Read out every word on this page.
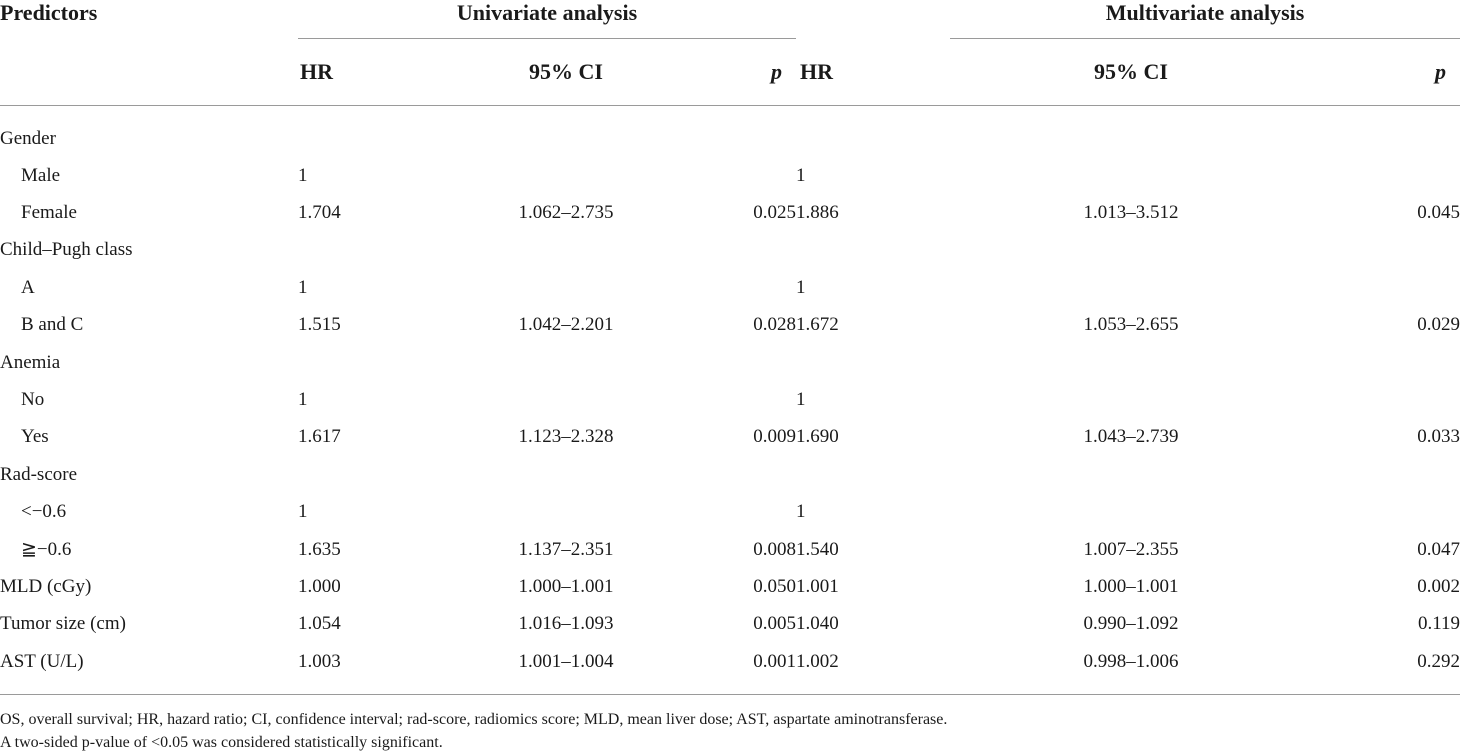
Predictors	Univariate analysis				Multivariate analysis	
	HR	95% CI	p	HR	95% CI	p
Gender						
Male	1			1		
Female	1.704	1.062–2.735	0.025	1.886	1.013–3.512	0.045
Child–Pugh class						
A	1			1		
B and C	1.515	1.042–2.201	0.028	1.672	1.053–2.655	0.029
Anemia						
No	1			1		
Yes	1.617	1.123–2.328	0.009	1.690	1.043–2.739	0.033
Rad-score						
<−0.6	1			1		
≧−0.6	1.635	1.137–2.351	0.008	1.540	1.007–2.355	0.047
MLD (cGy)	1.000	1.000–1.001	0.050	1.001	1.000–1.001	0.002
Tumor size (cm)	1.054	1.016–1.093	0.005	1.040	0.990–1.092	0.119
AST (U/L)	1.003	1.001–1.004	0.001	1.002	0.998–1.006	0.292
OS, overall survival; HR, hazard ratio; CI, confidence interval; rad-score, radiomics score; MLD, mean liver dose; AST, aspartate aminotransferase.
A two-sided p-value of <0.05 was considered statistically significant.
